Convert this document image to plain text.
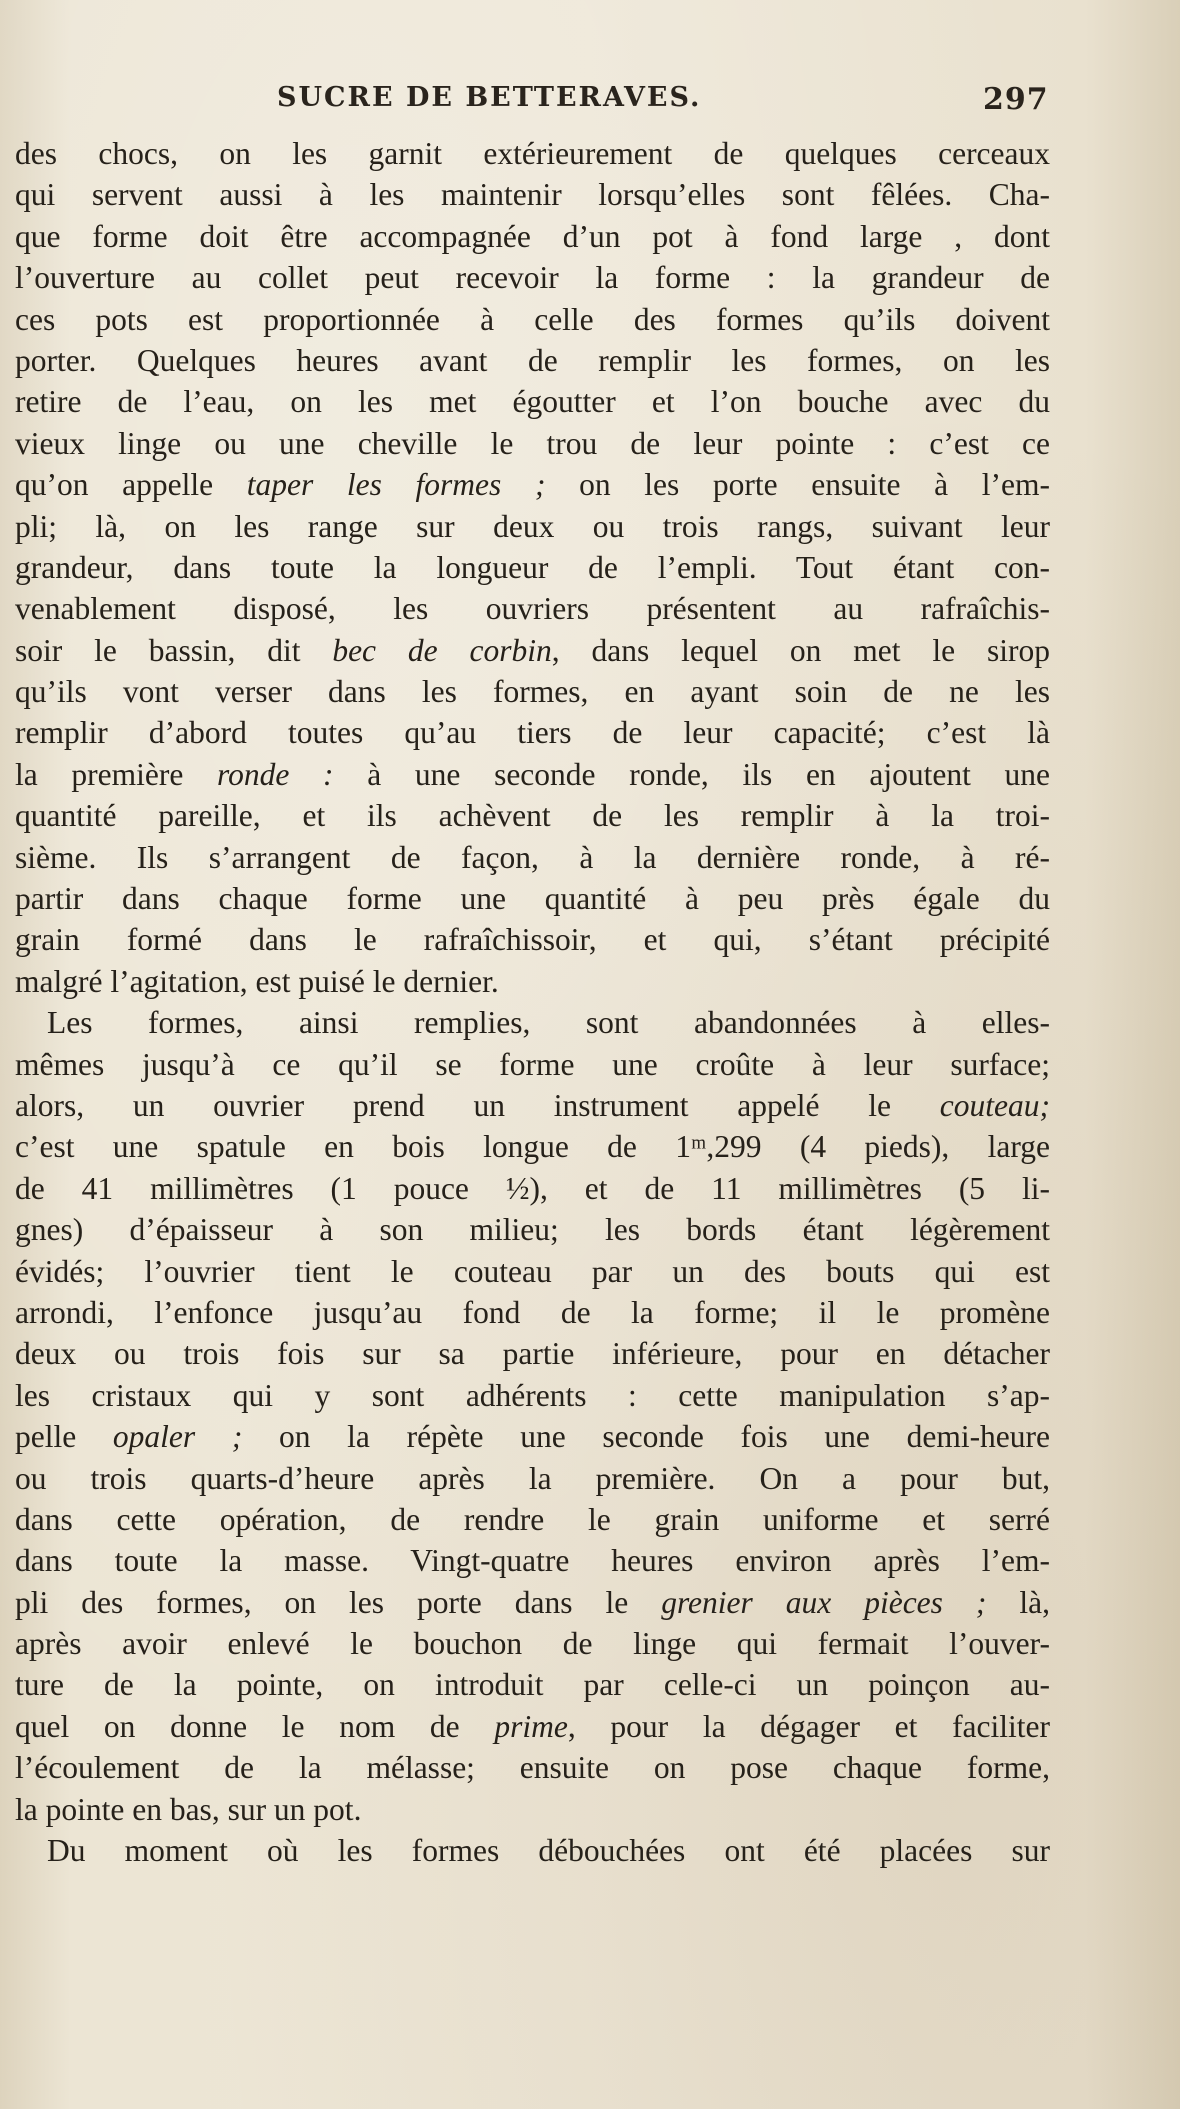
SUCRE DE BETTERAVES.	297
des chocs, on les garnit extérieurement de quelques cerceaux
qui servent aussi à les maintenir lorsqu’elles sont fêlées. Cha-
que forme doit être accompagnée d’un pot à fond large , dont
l’ouverture au collet peut recevoir la forme : la grandeur de
ces pots est proportionnée à celle des formes qu’ils doivent
porter. Quelques heures avant de remplir les formes, on les
retire de l’eau, on les met égoutter et l’on bouche avec du
vieux linge ou une cheville le trou de leur pointe : c’est ce
qu’on appelle taper les formes ; on les porte ensuite à l’em-
pli; là, on les range sur deux ou trois rangs, suivant leur
grandeur, dans toute la longueur de l’empli. Tout étant con-
venablement disposé, les ouvriers présentent au rafraîchis-
soir le bassin, dit bec de corbin, dans lequel on met le sirop
qu’ils vont verser dans les formes, en ayant soin de ne les
remplir d’abord toutes qu’au tiers de leur capacité; c’est là
la première ronde : à une seconde ronde, ils en ajoutent une
quantité pareille, et ils achèvent de les remplir à la troi-
sième. Ils s’arrangent de façon, à la dernière ronde, à ré-
partir dans chaque forme une quantité à peu près égale du
grain formé dans le rafraîchissoir, et qui, s’étant précipité
malgré l’agitation, est puisé le dernier.
Les formes, ainsi remplies, sont abandonnées à elles-
mêmes jusqu’à ce qu’il se forme une croûte à leur surface;
alors, un ouvrier prend un instrument appelé le couteau;
c’est une spatule en bois longue de 1ᵐ,299 (4 pieds), large
de 41 millimètres (1 pouce ½), et de 11 millimètres (5 li-
gnes) d’épaisseur à son milieu; les bords étant légèrement
évidés; l’ouvrier tient le couteau par un des bouts qui est
arrondi, l’enfonce jusqu’au fond de la forme; il le promène
deux ou trois fois sur sa partie inférieure, pour en détacher
les cristaux qui y sont adhérents : cette manipulation s’ap-
pelle opaler ; on la répète une seconde fois une demi-heure
ou trois quarts-d’heure après la première. On a pour but,
dans cette opération, de rendre le grain uniforme et serré
dans toute la masse. Vingt-quatre heures environ après l’em-
pli des formes, on les porte dans le grenier aux pièces ; là,
après avoir enlevé le bouchon de linge qui fermait l’ouver-
ture de la pointe, on introduit par celle-ci un poinçon au-
quel on donne le nom de prime, pour la dégager et faciliter
l’écoulement de la mélasse; ensuite on pose chaque forme,
la pointe en bas, sur un pot.
Du moment où les formes débouchées ont été placées sur
